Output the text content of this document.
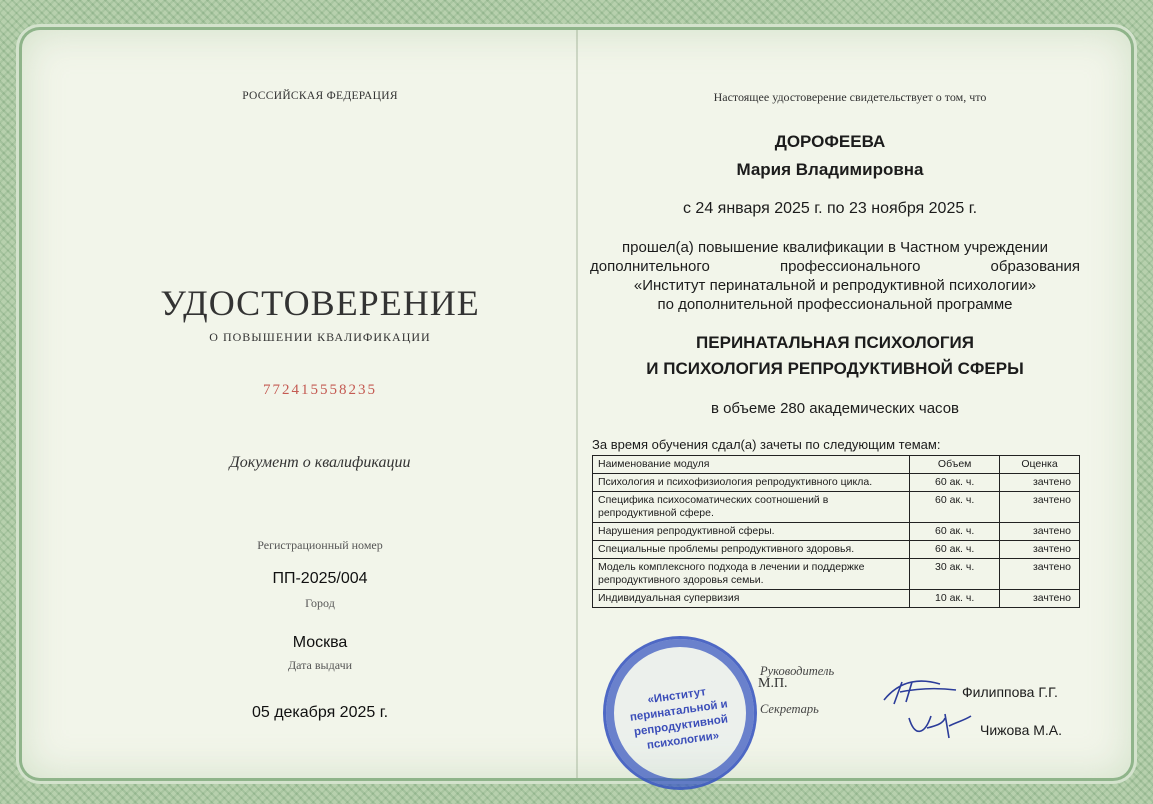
РОССИЙСКАЯ ФЕДЕРАЦИЯ
УДОСТОВЕРЕНИЕ
О ПОВЫШЕНИИ КВАЛИФИКАЦИИ
772415558235
Документ о квалификации
Регистрационный номер
ПП-2025/004
Город
Москва
Дата выдачи
05 декабря 2025 г.
Настоящее удостоверение свидетельствует о том, что
ДОРОФЕЕВА
Мария Владимировна
с 24 января 2025 г. по 23 ноября 2025 г.
прошел(а) повышение квалификации в Частном учреждении
дополнительного профессионального образования
«Институт перинатальной и репродуктивной психологии»
по дополнительной профессиональной программе
ПЕРИНАТАЛЬНАЯ ПСИХОЛОГИЯ
И ПСИХОЛОГИЯ РЕПРОДУКТИВНОЙ СФЕРЫ
в объеме 280 академических часов
За время обучения сдал(а) зачеты по следующим темам:
Наименование модуля	Объем	Оценка
Психология и психофизиология репродуктивного цикла.	60 ак. ч.	зачтено
Специфика психосоматических соотношений в репродуктивной сфере.	60 ак. ч.	зачтено
Нарушения репродуктивной сферы.	60 ак. ч.	зачтено
Специальные проблемы репродуктивного здоровья.	60 ак. ч.	зачтено
Модель комплексного подхода в лечении и поддержке репродуктивного здоровья семьи.	30 ак. ч.	зачтено
Индивидуальная супервизия	10 ак. ч.	зачтено
«Институт перинатальной и репродуктивной психологии»
М.П.
Руководитель
Секретарь
Филиппова Г.Г.
Чижова М.А.
